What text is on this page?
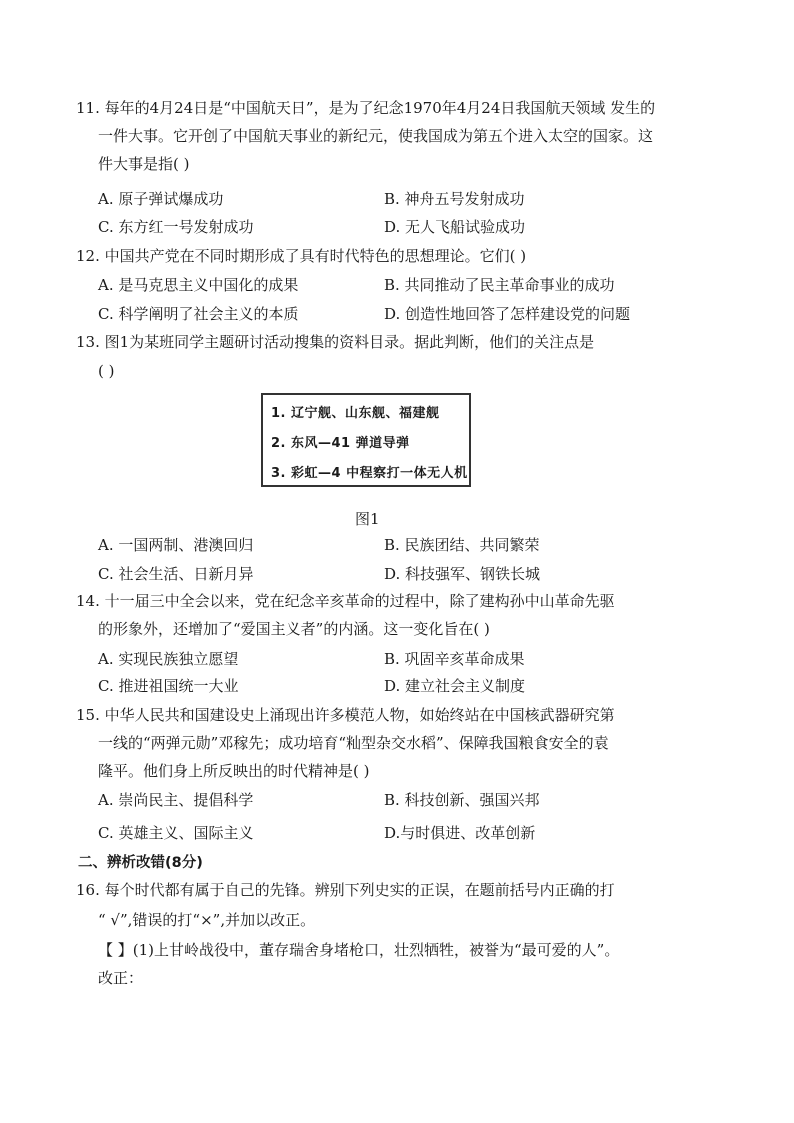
11. 每年的4月24日是“中国航天日”，是为了纪念1970年4月24日我国航天领域 发生的
一件大事。它开创了中国航天事业的新纪元，使我国成为第五个进入太空的国家。这
件大事是指( )
A. 原子弹试爆成功	B. 神舟五号发射成功
C. 东方红一号发射成功	D. 无人飞船试验成功
12. 中国共产党在不同时期形成了具有时代特色的思想理论。它们( )
A. 是马克思主义中国化的成果	B. 共同推动了民主革命事业的成功
C. 科学阐明了社会主义的本质	D. 创造性地回答了怎样建设党的问题
13. 图1为某班同学主题研讨活动搜集的资料目录。据此判断，他们的关注点是
( )
1. 辽宁舰、山东舰、福建舰
2. 东风—41 弹道导弹
3. 彩虹—4 中程察打一体无人机
图1
A. 一国两制、港澳回归	B. 民族团结、共同繁荣
C. 社会生活、日新月异	D. 科技强军、钢铁长城
14. 十一届三中全会以来，党在纪念辛亥革命的过程中，除了建构孙中山革命先驱
的形象外，还增加了“爱国主义者”的内涵。这一变化旨在( )
A. 实现民族独立愿望	B. 巩固辛亥革命成果
C. 推进祖国统一大业	D. 建立社会主义制度
15. 中华人民共和国建设史上涌现出许多模范人物，如始终站在中国核武器研究第
一线的“两弹元勋”邓稼先；成功培育“籼型杂交水稻”、保障我国粮食安全的袁
隆平。他们身上所反映出的时代精神是( )
A. 崇尚民主、提倡科学	B. 科技创新、强国兴邦
C. 英雄主义、国际主义	D.与时俱进、改革创新
二、辨析改错(8分)
16. 每个时代都有属于自己的先锋。辨别下列史实的正误，在题前括号内正确的打
“ √”,错误的打“×”,并加以改正。
【 】(1)上甘岭战役中，董存瑞舍身堵枪口，壮烈牺牲，被誉为“最可爱的人”。
改正：
